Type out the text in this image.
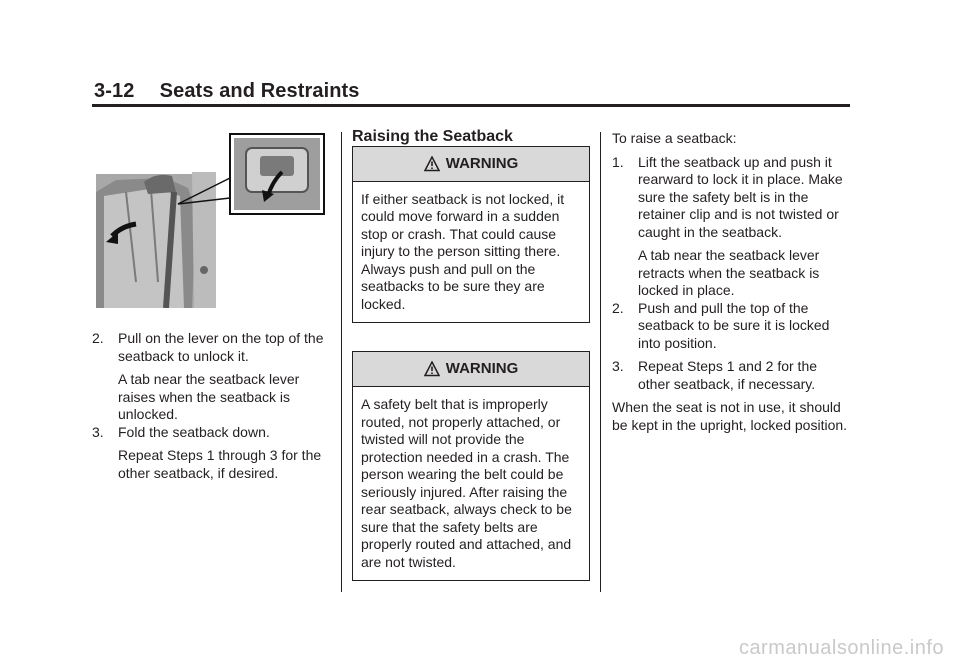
3-12 Seats and Restraints
2. Pull on the lever on the top of the seatback to unlock it.

A tab near the seatback lever raises when the seatback is unlocked.

3. Fold the seatback down.

Repeat Steps 1 through 3 for the other seatback, if desired.

Raising the Seatback

WARNING

If either seatback is not locked, it could move forward in a sudden stop or crash. That could cause injury to the person sitting there. Always push and pull on the seatbacks to be sure they are locked.

WARNING

A safety belt that is improperly routed, not properly attached, or twisted will not provide the protection needed in a crash. The person wearing the belt could be seriously injured. After raising the rear seatback, always check to be sure that the safety belts are properly routed and attached, and are not twisted.

To raise a seatback:

1. Lift the seatback up and push it rearward to lock it in place. Make sure the safety belt is in the retainer clip and is not twisted or caught in the seatback.

A tab near the seatback lever retracts when the seatback is locked in place.

2. Push and pull the top of the seatback to be sure it is locked into position.

3. Repeat Steps 1 and 2 for the other seatback, if necessary.

When the seat is not in use, it should be kept in the upright, locked position.

carmanualsonline.info
